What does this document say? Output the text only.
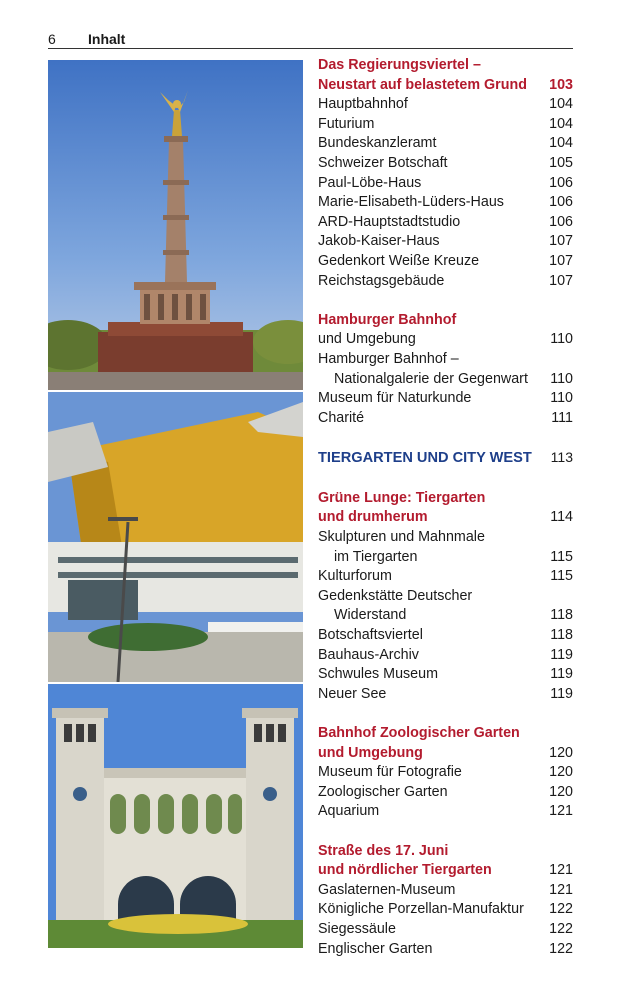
6 Inhalt
Das Regierungsviertel –
Neustart auf belastetem Grund	103
Hauptbahnhof	104
Futurium	104
Bundeskanzleramt	104
Schweizer Botschaft	105
Paul-Löbe-Haus	106
Marie-Elisabeth-Lüders-Haus	106
ARD-Hauptstadtstudio	106
Jakob-Kaiser-Haus	107
Gedenkort Weiße Kreuze	107
Reichstagsgebäude	107
Hamburger Bahnhof
und Umgebung	110
Hamburger Bahnhof –
Nationalgalerie der Gegenwart	110
Museum für Naturkunde	110
Charité	111
TIERGARTEN UND CITY WEST	113
Grüne Lunge: Tiergarten
und drumherum	114
Skulpturen und Mahnmale
im Tiergarten	115
Kulturforum	115
Gedenkstätte Deutscher
Widerstand	118
Botschaftsviertel	118
Bauhaus-Archiv	119
Schwules Museum	119
Neuer See	119
Bahnhof Zoologischer Garten
und Umgebung	120
Museum für Fotografie	120
Zoologischer Garten	120
Aquarium	121
Straße des 17. Juni
und nördlicher Tiergarten	121
Gaslaternen-Museum	121
Königliche Porzellan-Manufaktur	122
Siegessäule	122
Englischer Garten	122
